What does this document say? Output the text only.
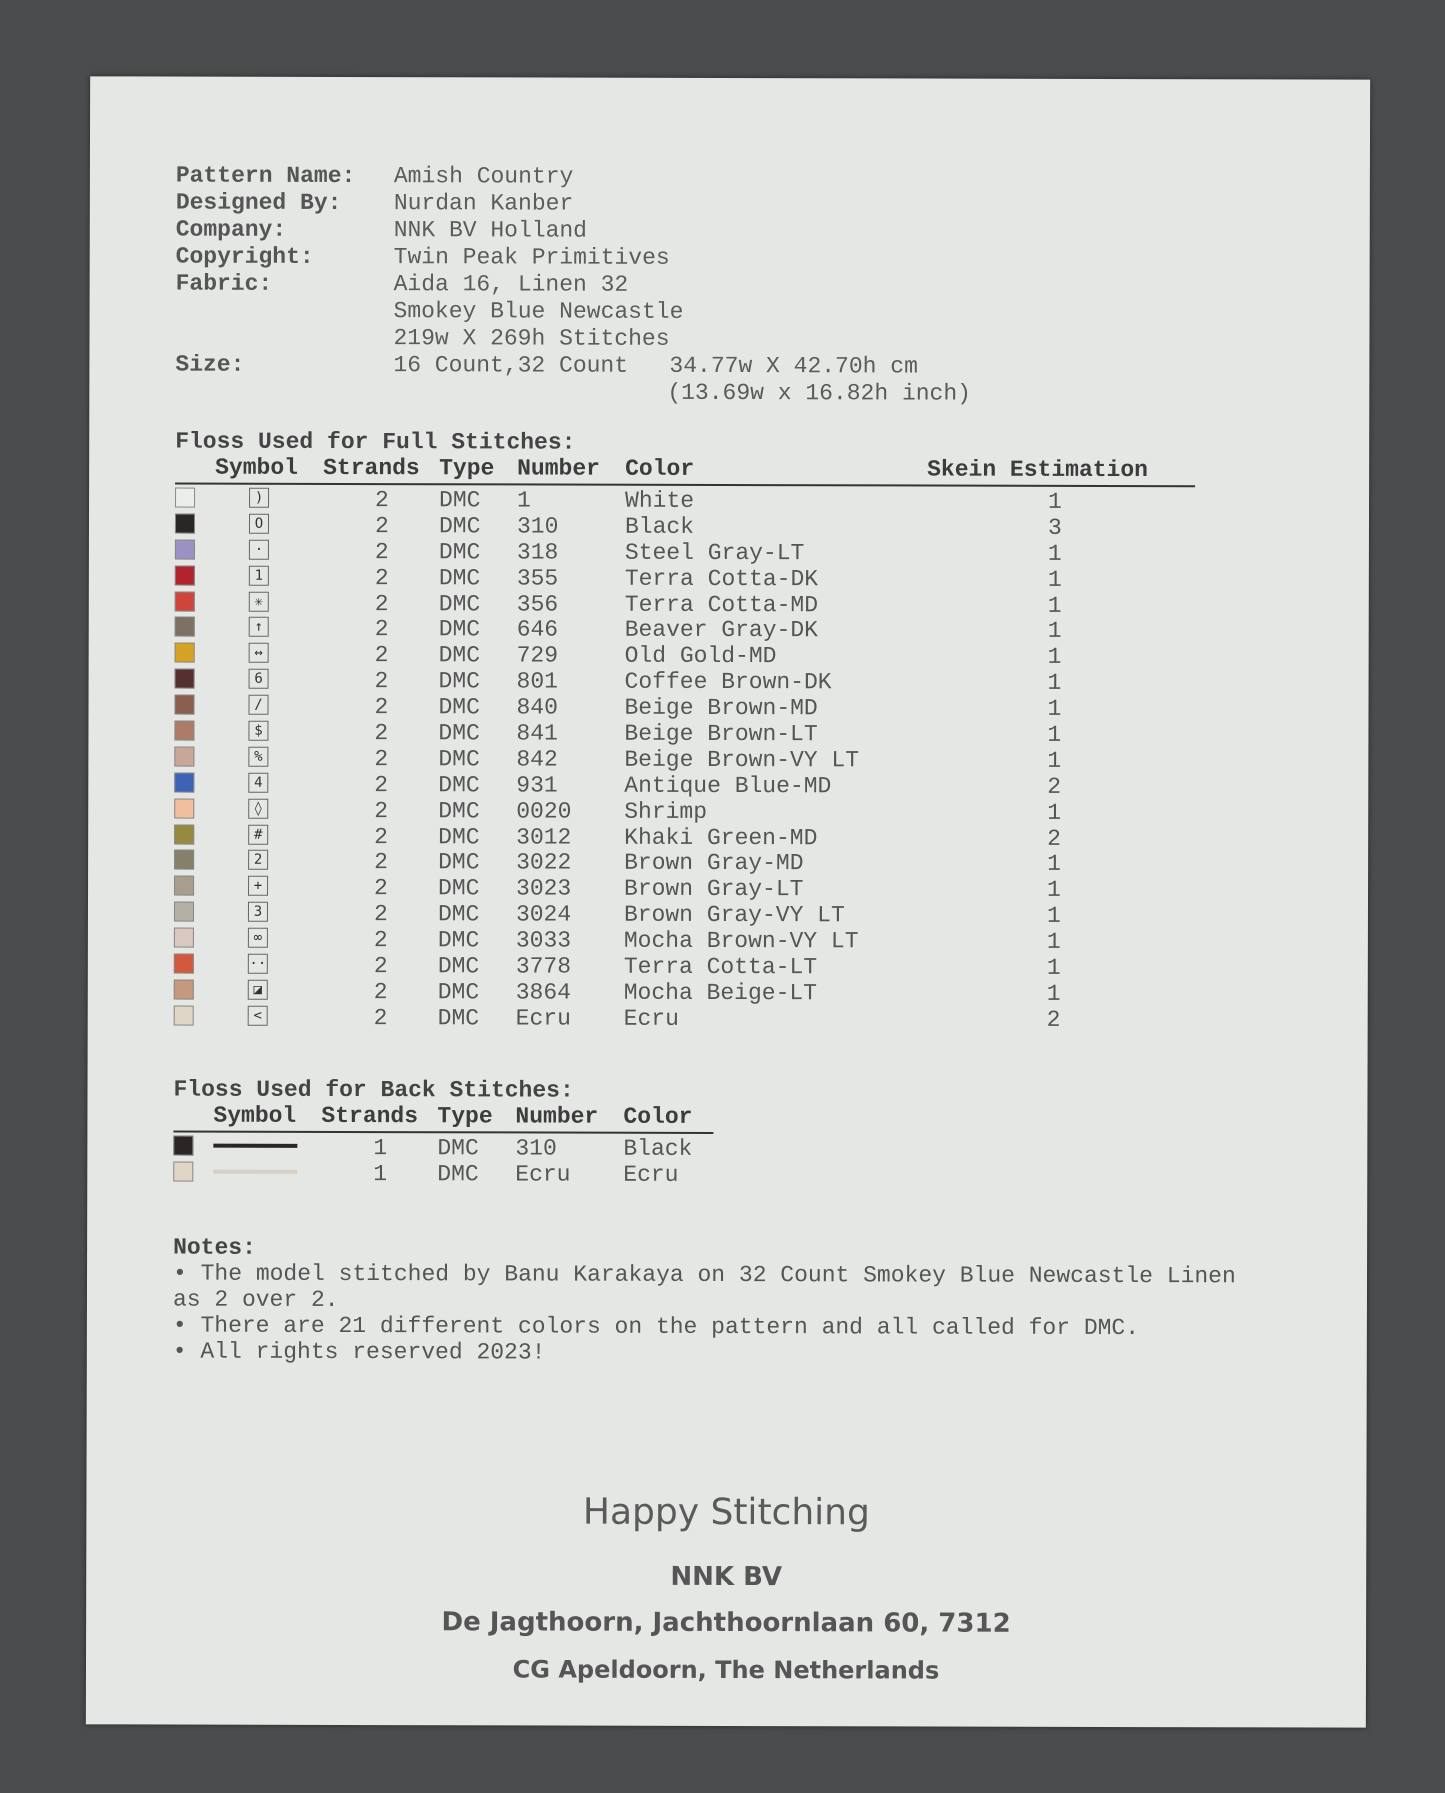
Pattern Name:	Amish Country
Designed By:	Nurdan Kanber
Company:	NNK BV Holland
Copyright:	Twin Peak Primitives
Fabric:	Aida 16, Linen 32
Smokey Blue Newcastle
219w X 269h Stitches
Size:	16 Count,32 Count   34.77w X 42.70h cm
(13.69w x 16.82h inch)
Floss Used for Full Stitches:
Symbol Strands Type Number Color	Skein Estimation
)	2 DMC 1	White	1
O	2 DMC 310	Black	3
·	2 DMC 318	Steel Gray-LT	1
1	2 DMC 355	Terra Cotta-DK	1
✳	2 DMC 356	Terra Cotta-MD	1
↑	2 DMC 646	Beaver Gray-DK	1
↔	2 DMC 729	Old Gold-MD	1
6	2 DMC 801	Coffee Brown-DK	1
/	2 DMC 840	Beige Brown-MD	1
$	2 DMC 841	Beige Brown-LT	1
%	2 DMC 842	Beige Brown-VY LT	1
4	2 DMC 931	Antique Blue-MD	2
◊	2 DMC 0020 Shrimp	1
#	2 DMC 3012 Khaki Green-MD	2
2	2 DMC 3022 Brown Gray-MD	1
+	2 DMC 3023 Brown Gray-LT	1
3	2 DMC 3024 Brown Gray-VY LT	1
∞	2 DMC 3033 Mocha Brown-VY LT	1
··	2 DMC 3778 Terra Cotta-LT	1
◪	2 DMC 3864 Mocha Beige-LT	1
<	2 DMC Ecru Ecru	2
Floss Used for Back Stitches:
Symbol Strands Type Number Color
1 DMC 310	Black
1 DMC Ecru Ecru
Notes:
• The model stitched by Banu Karakaya on 32 Count Smokey Blue Newcastle Linen as 2 over 2.
• There are 21 different colors on the pattern and all called for DMC.
• All rights reserved 2023!
Happy Stitching
NNK BV
De Jagthoorn, Jachthoornlaan 60, 7312
CG Apeldoorn, The Netherlands
